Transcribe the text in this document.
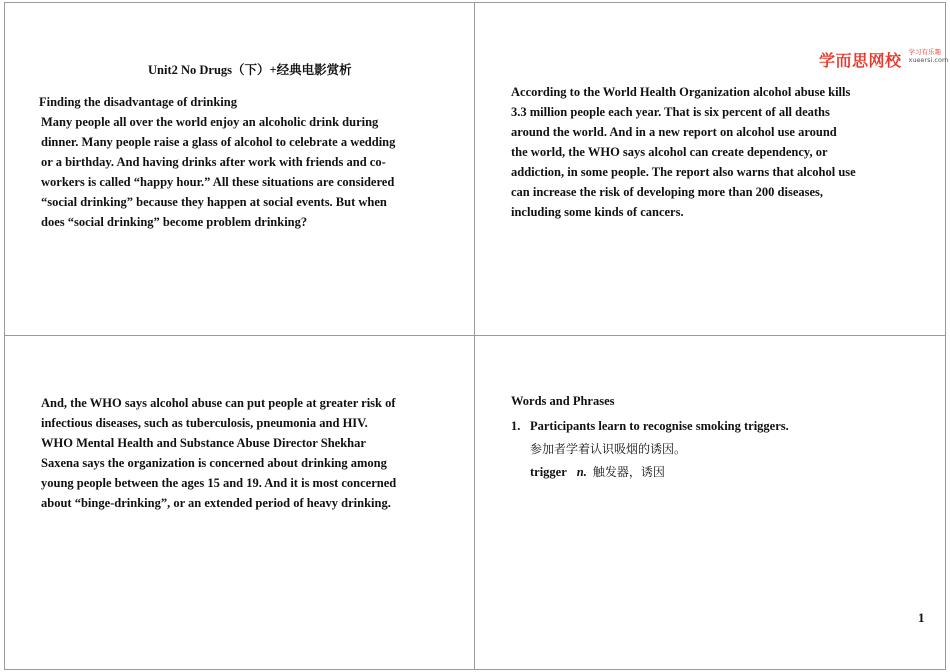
Unit2 No Drugs（下）+经典电影赏析
Finding the disadvantage of drinking
Many people all over the world enjoy an alcoholic drink during
dinner. Many people raise a glass of alcohol to celebrate a wedding
or a birthday. And having drinks after work with friends and co-
workers is called “happy hour.” All these situations are considered
“social drinking” because they happen at social events. But when
does “social drinking” become problem drinking?
学而思网校 学习有乐趣
xueersi.com
According to the World Health Organization alcohol abuse kills
3.3 million people each year. That is six percent of all deaths
around the world. And in a new report on alcohol use around
the world, the WHO says alcohol can create dependency, or
addiction, in some people. The report also warns that alcohol use
can increase the risk of developing more than 200 diseases,
including some kinds of cancers.
And, the WHO says alcohol abuse can put people at greater risk of
infectious diseases, such as tuberculosis, pneumonia and HIV.
WHO Mental Health and Substance Abuse Director Shekhar
Saxena says the organization is concerned about drinking among
young people between the ages 15 and 19. And it is most concerned
about “binge-drinking”, or an extended period of heavy drinking.
Words and Phrases
1. Participants learn to recognise smoking triggers.
参加者学着认识吸烟的诱因。
trigger n. 触发器，诱因
1
